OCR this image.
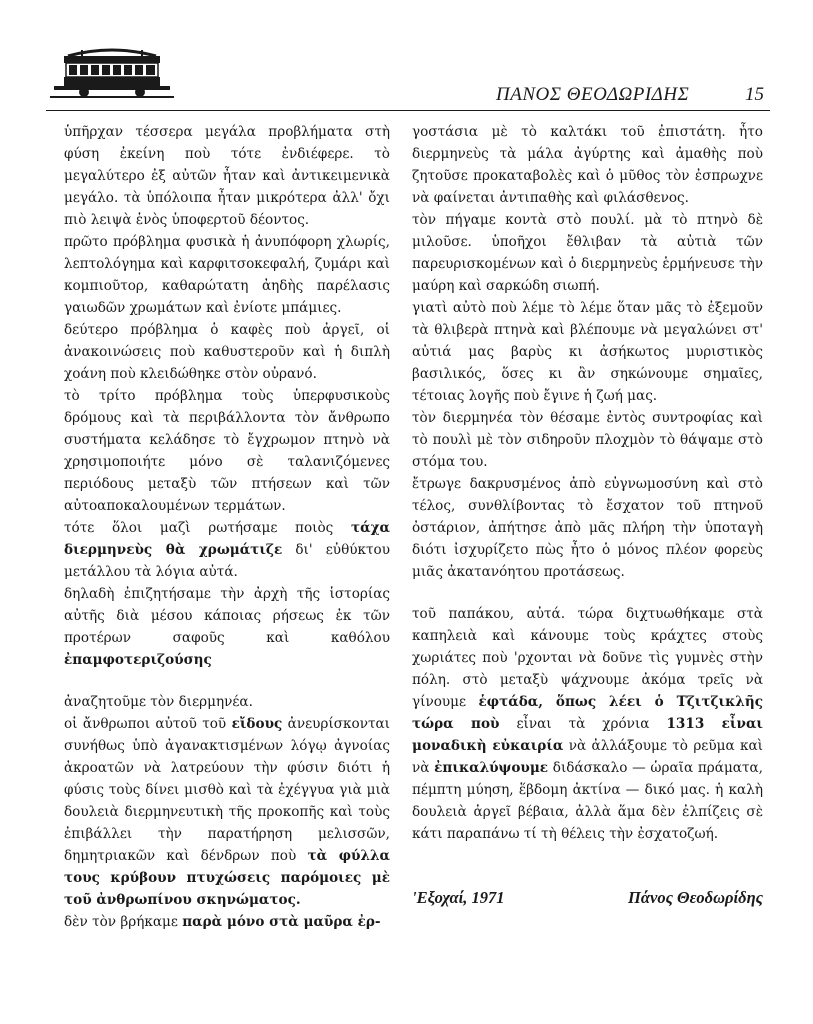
ΠΑΝΟΣ ΘΕΟΔΩΡΙΔΗΣ	15

ὑπῆρχαν τέσσερα μεγάλα προβλήματα στὴ φύση ἐκείνη ποὺ τότε ἐνδιέφερε. τὸ μεγαλύτερο ἐξ αὐτῶν ἦταν καὶ ἀντικειμενικὰ μεγάλο. τὰ ὑπόλοιπα ἦταν μικρότερα ἀλλ' ὄχι πιὸ λειψὰ ἑνὸς ὑποφερτοῦ δέοντος.

πρῶτο πρόβλημα φυσικὰ ἡ ἀνυπόφορη χλωρίς, λεπτολόγημα καὶ καρφιτσοκεφαλή, ζυμάρι καὶ κομπιοῦτορ, καθαρώτατη ἀηδὴς παρέλασις γαιωδῶν χρωμάτων καὶ ἐνίοτε μπάμιες.

δεύτερο πρόβλημα ὁ καφὲς ποὺ ἀργεῖ, οἱ ἀνακοινώσεις ποὺ καθυστεροῦν καὶ ἡ διπλὴ χοάνη ποὺ κλειδώθηκε στὸν οὐρανό.

τὸ τρίτο πρόβλημα τοὺς ὑπερφυσικοὺς δρόμους καὶ τὰ περιβάλλοντα τὸν ἄνθρωπο συστήματα κελάδησε τὸ ἔγχρωμον πτηνὸ νὰ χρησιμοποιήτε μόνο σὲ ταλανιζόμενες περιόδους μεταξὺ τῶν πτήσεων καὶ τῶν αὐτοαποκαλουμένων τερμάτων.

τότε ὅλοι μαζὶ ρωτήσαμε ποιὸς τάχα διερμηνεὺς θὰ χρωμάτιζε δι' εὐθύκτου μετάλλου τὰ λόγια αὐτά.

δηλαδὴ ἐπιζητήσαμε τὴν ἀρχὴ τῆς ἱστορίας αὐτῆς διὰ μέσου κάποιας ρήσεως ἐκ τῶν προτέρων σαφοῦς καὶ καθόλου ἐπαμφοτεριζούσης

ἀναζητοῦμε τὸν διερμηνέα.

οἱ ἄνθρωποι αὐτοῦ τοῦ εἴδους ἀνευρίσκονται συνήθως ὑπὸ ἀγανακτισμένων λόγῳ ἀγνοίας ἀκροατῶν νὰ λατρεύουν τὴν φύσιν διότι ἡ φύσις τοὺς δίνει μισθὸ καὶ τὰ ἐχέγγυα γιὰ μιὰ δουλειὰ διερμηνευτικὴ τῆς προκοπῆς καὶ τοὺς ἐπιβάλλει τὴν παρατήρηση μελισσῶν, δημητριακῶν καὶ δένδρων ποὺ τὰ φύλλα τους κρύβουν πτυχώσεις παρόμοιες μὲ τοῦ ἀνθρωπίνου σκηνώματος.

δὲν τὸν βρήκαμε παρὰ μόνο στὰ μαῦρα ἐρ-

γοστάσια μὲ τὸ καλτάκι τοῦ ἐπιστάτη. ἦτο διερμηνεὺς τὰ μάλα ἀγύρτης καὶ ἀμαθὴς ποὺ ζητοῦσε προκαταβολὲς καὶ ὁ μῦθος τὸν ἐσπρωχνε νὰ φαίνεται ἀντιπαθὴς καὶ φιλάσθενος.

τὸν πήγαμε κοντὰ στὸ πουλί. μὰ τὸ πτηνὸ δὲ μιλοῦσε. ὑποῆχοι ἔθλιβαν τὰ αὐτιὰ τῶν παρευρισκομένων καὶ ὁ διερμηνεὺς ἑρμήνευσε τὴν μαύρη καὶ σαρκώδη σιωπή.

γιατὶ αὐτὸ ποὺ λέμε τὸ λέμε ὅταν μᾶς τὸ ἐξεμοῦν τὰ θλιβερὰ πτηνὰ καὶ βλέπουμε νὰ μεγαλώνει στ' αὐτιά μας βαρὺς κι ἀσήκωτος μυριστικὸς βασιλικός, ὅσες κι ἂν σηκώνουμε σημαῖες, τέτοιας λογῆς ποὺ ἔγινε ἡ ζωή μας.

τὸν διερμηνέα τὸν θέσαμε ἐντὸς συντροφίας καὶ τὸ πουλὶ μὲ τὸν σιδηροῦν πλοχμὸν τὸ θάψαμε στὸ στόμα του.

ἔτρωγε δακρυσμένος ἀπὸ εὐγνωμοσύνη καὶ στὸ τέλος, συνθλίβοντας τὸ ἔσχατον τοῦ πτηνοῦ ὀστάριον, ἀπήτησε ἀπὸ μᾶς πλήρη τὴν ὑποταγὴ διότι ἰσχυρίζετο πὼς ἦτο ὁ μόνος πλέον φορεὺς μιᾶς ἀκατανόητου προτάσεως.

τοῦ παπάκου, αὐτά. τώρα διχτυωθήκαμε στὰ καπηλειὰ καὶ κάνουμε τοὺς κράχτες στοὺς χωριάτες ποὺ 'ρχονται νὰ δοῦνε τὶς γυμνὲς στὴν πόλη. στὸ μεταξὺ ψάχνουμε ἀκόμα τρεῖς νὰ γίνουμε ἑφτάδα, ὅπως λέει ὁ Τζιτζικλῆς τώρα ποὺ εἶναι τὰ χρόνια 1313 εἶναι μοναδικὴ εὐκαιρία νὰ ἀλλάξουμε τὸ ρεῦμα καὶ νὰ ἐπικαλύψουμε διδάσκαλο — ὡραῖα πράματα, πέμπτη μύηση, ἕβδομη ἀκτίνα — δικό μας. ἡ καλὴ δουλειὰ ἀργεῖ βέβαια, ἀλλὰ ἅμα δὲν ἐλπίζεις σὲ κάτι παραπάνω τί τὴ θέλεις τὴν ἐσχατοζωή.

'Εξοχαί, 1971	Πάνος Θεοδωρίδης
